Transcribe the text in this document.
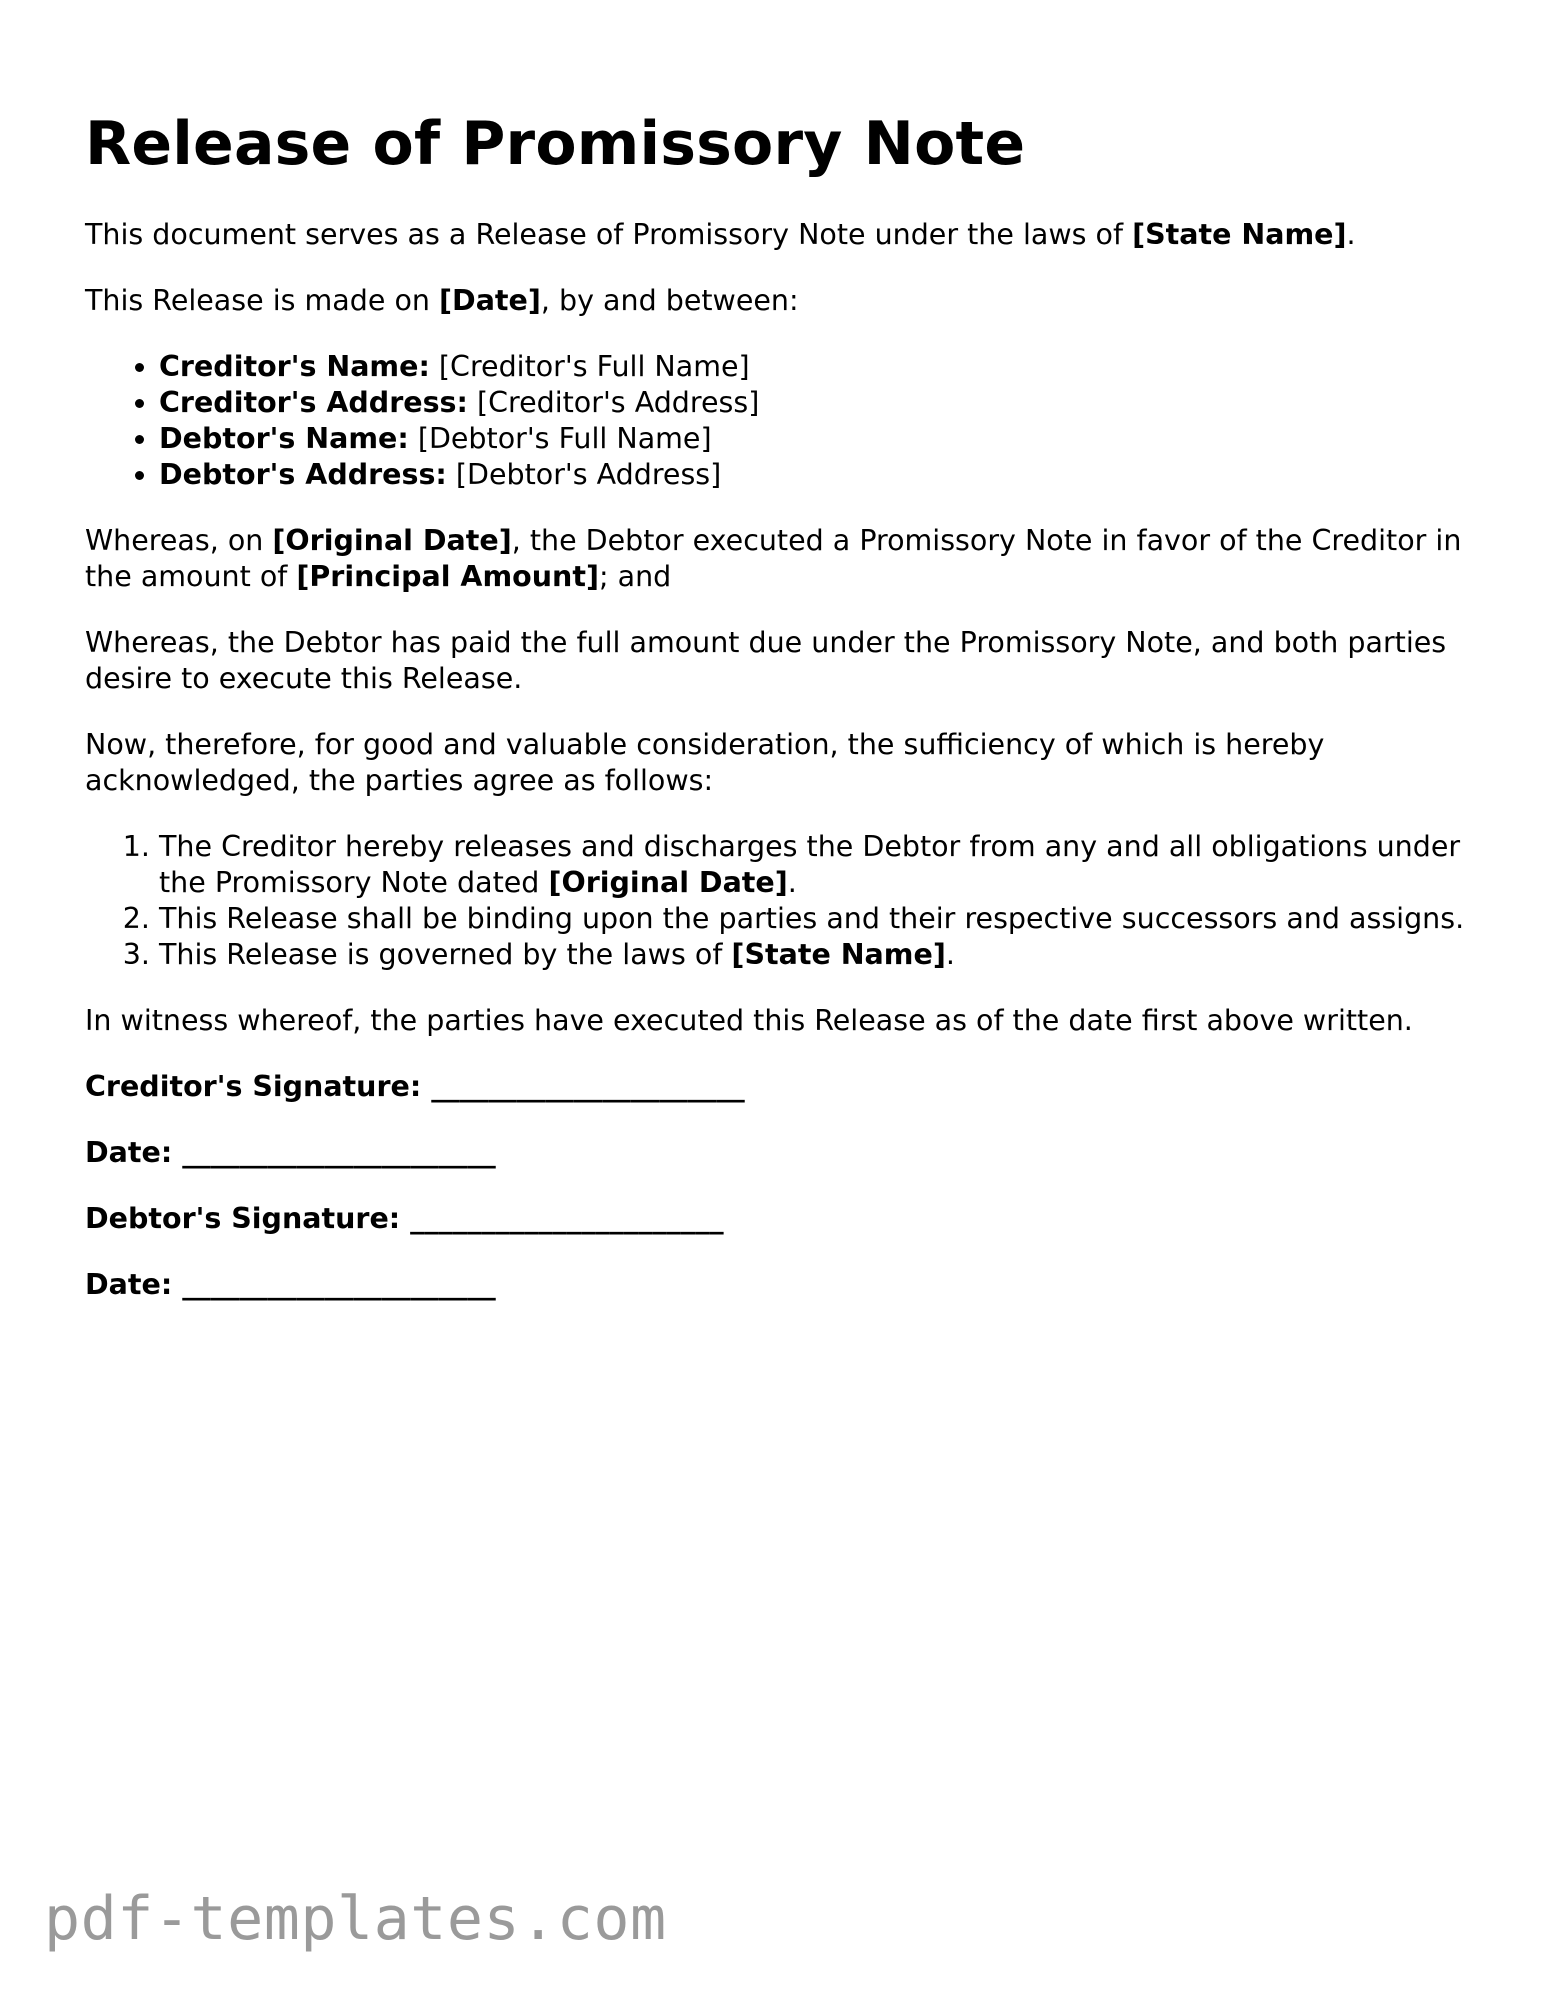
Release of Promissory Note

This document serves as a Release of Promissory Note under the laws of [State Name].

This Release is made on [Date], by and between:

• Creditor's Name: [Creditor's Full Name]
• Creditor's Address: [Creditor's Address]
• Debtor's Name: [Debtor's Full Name]
• Debtor's Address: [Debtor's Address]

Whereas, on [Original Date], the Debtor executed a Promissory Note in favor of the Creditor in the amount of [Principal Amount]; and

Whereas, the Debtor has paid the full amount due under the Promissory Note, and both parties desire to execute this Release.

Now, therefore, for good and valuable consideration, the sufficiency of which is hereby acknowledged, the parties agree as follows:

1. The Creditor hereby releases and discharges the Debtor from any and all obligations under the Promissory Note dated [Original Date].
2. This Release shall be binding upon the parties and their respective successors and assigns.
3. This Release is governed by the laws of [State Name].

In witness whereof, the parties have executed this Release as of the date first above written.

Creditor's Signature: ______________________

Date: ______________________

Debtor's Signature: ______________________

Date: ______________________

pdf-templates.com
